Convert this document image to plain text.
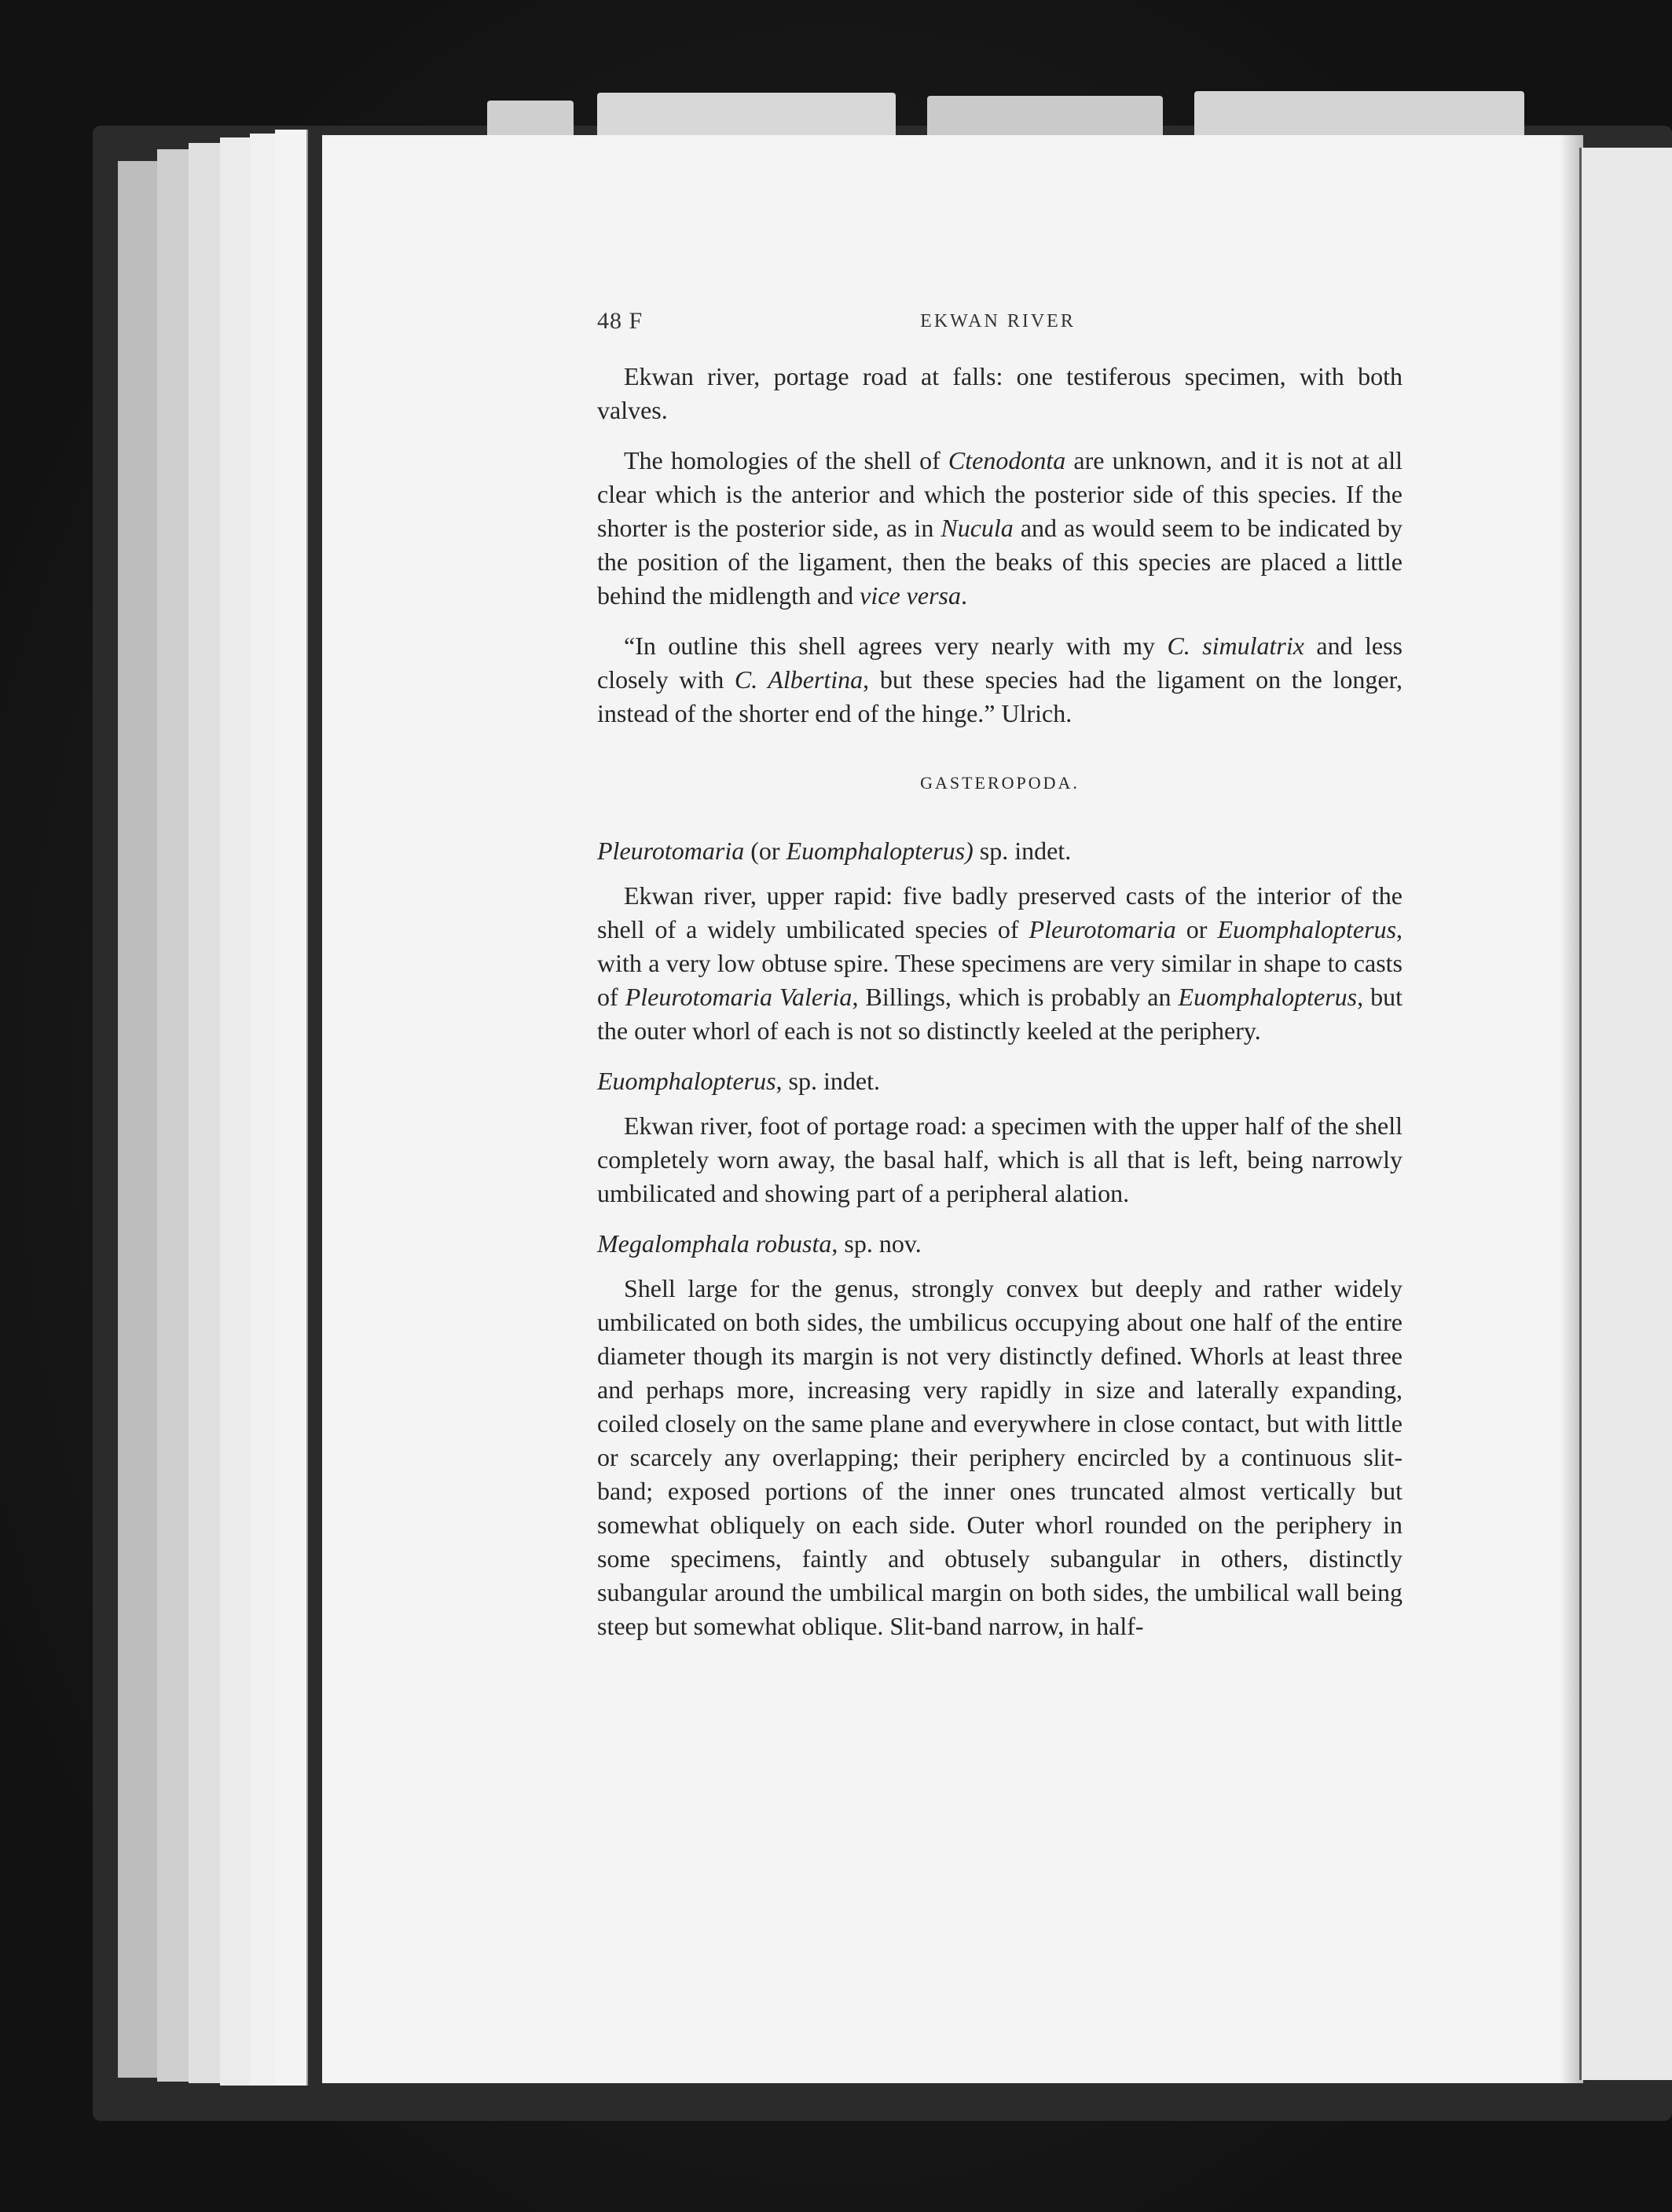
48 F	EKWAN RIVER

Ekwan river, portage road at falls: one testiferous specimen, with both valves.

The homologies of the shell of Ctenodonta are unknown, and it is not at all clear which is the anterior and which the posterior side of this species. If the shorter is the posterior side, as in Nucula and as would seem to be indicated by the position of the ligament, then the beaks of this species are placed a little behind the midlength and vice versa.

“In outline this shell agrees very nearly with my C. simulatrix and less closely with C. Albertina, but these species had the ligament on the longer, instead of the shorter end of the hinge.” Ulrich.

GASTEROPODA.

Pleurotomaria (or Euomphalopterus) sp. indet.

Ekwan river, upper rapid: five badly preserved casts of the interior of the shell of a widely umbilicated species of Pleurotomaria or Euomphalopterus, with a very low obtuse spire. These specimens are very similar in shape to casts of Pleurotomaria Valeria, Billings, which is probably an Euomphalopterus, but the outer whorl of each is not so distinctly keeled at the periphery.

Euomphalopterus, sp. indet.

Ekwan river, foot of portage road: a specimen with the upper half of the shell completely worn away, the basal half, which is all that is left, being narrowly umbilicated and showing part of a peripheral alation.

Megalomphala robusta, sp. nov.

Shell large for the genus, strongly convex but deeply and rather widely umbilicated on both sides, the umbilicus occupying about one half of the entire diameter though its margin is not very distinctly defined. Whorls at least three and perhaps more, increasing very rapidly in size and laterally expanding, coiled closely on the same plane and everywhere in close contact, but with little or scarcely any overlapping; their periphery encircled by a continuous slit-band; exposed portions of the inner ones truncated almost vertically but somewhat obliquely on each side. Outer whorl rounded on the periphery in some specimens, faintly and obtusely subangular in others, distinctly subangular around the umbilical margin on both sides, the umbilical wall being steep but somewhat oblique. Slit-band narrow, in half-
